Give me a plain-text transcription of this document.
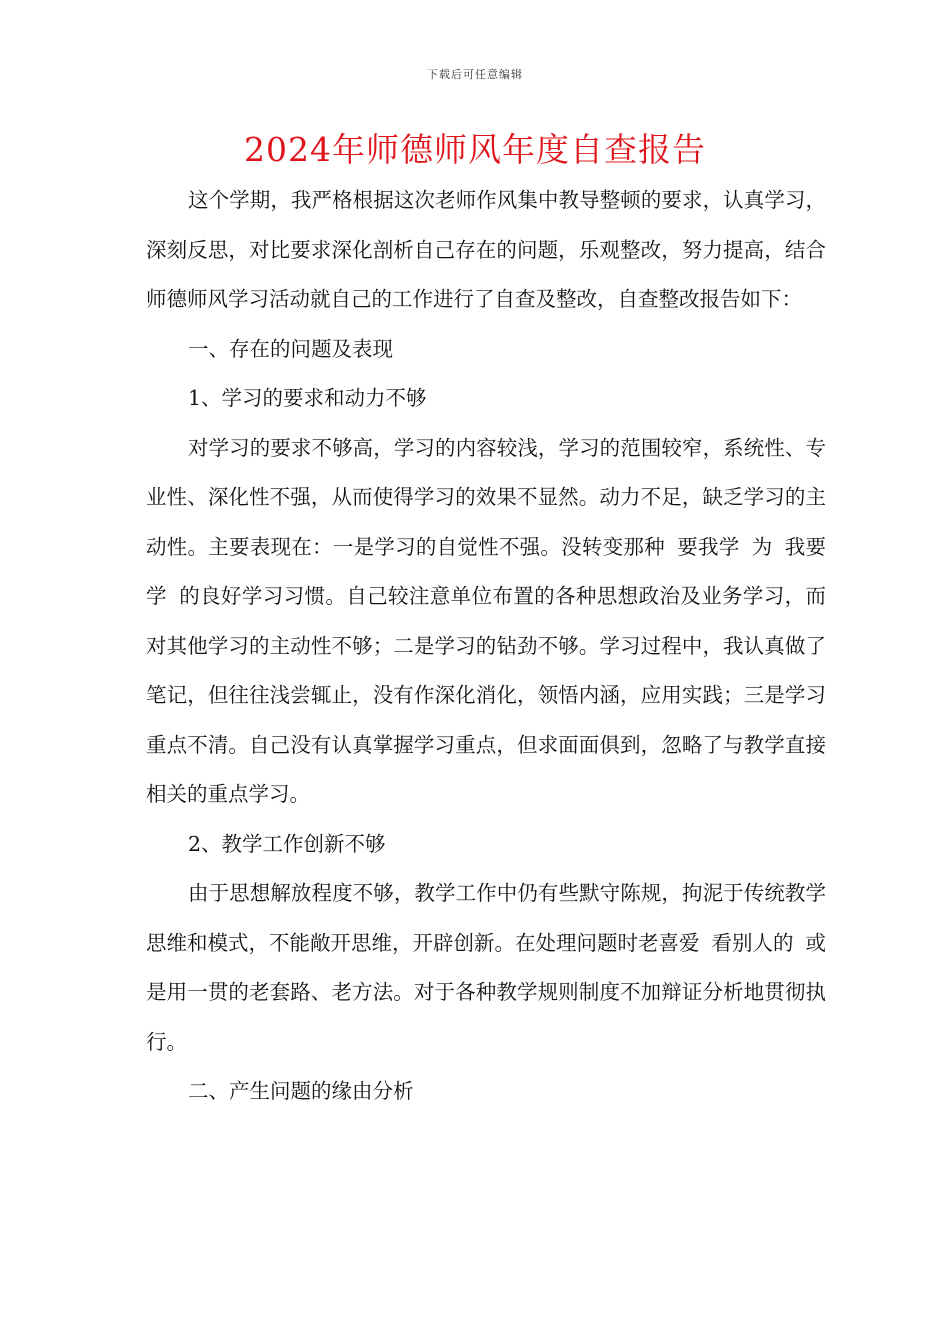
下载后可任意编辑
2024年师德师风年度自查报告

这个学期，我严格根据这次老师作风集中教导整顿的要求，认真学习，深刻反思，对比要求深化剖析自己存在的问题，乐观整改，努力提高，结合师德师风学习活动就自己的工作进行了自查及整改，自查整改报告如下：

一、存在的问题及表现

1、学习的要求和动力不够

对学习的要求不够高，学习的内容较浅，学习的范围较窄，系统性、专业性、深化性不强，从而使得学习的效果不显然。动力不足，缺乏学习的主动性。主要表现在：一是学习的自觉性不强。没转变那种 要我学 为 我要学 的良好学习习惯。自己较注意单位布置的各种思想政治及业务学习，而对其他学习的主动性不够；二是学习的钻劲不够。学习过程中，我认真做了笔记，但往往浅尝辄止，没有作深化消化，领悟内涵，应用实践；三是学习重点不清。自己没有认真掌握学习重点，但求面面俱到，忽略了与教学直接相关的重点学习。

2、教学工作创新不够

由于思想解放程度不够，教学工作中仍有些默守陈规，拘泥于传统教学思维和模式，不能敞开思维，开辟创新。在处理问题时老喜爱 看别人的 或是用一贯的老套路、老方法。对于各种教学规则制度不加辩证分析地贯彻执行。

二、产生问题的缘由分析
